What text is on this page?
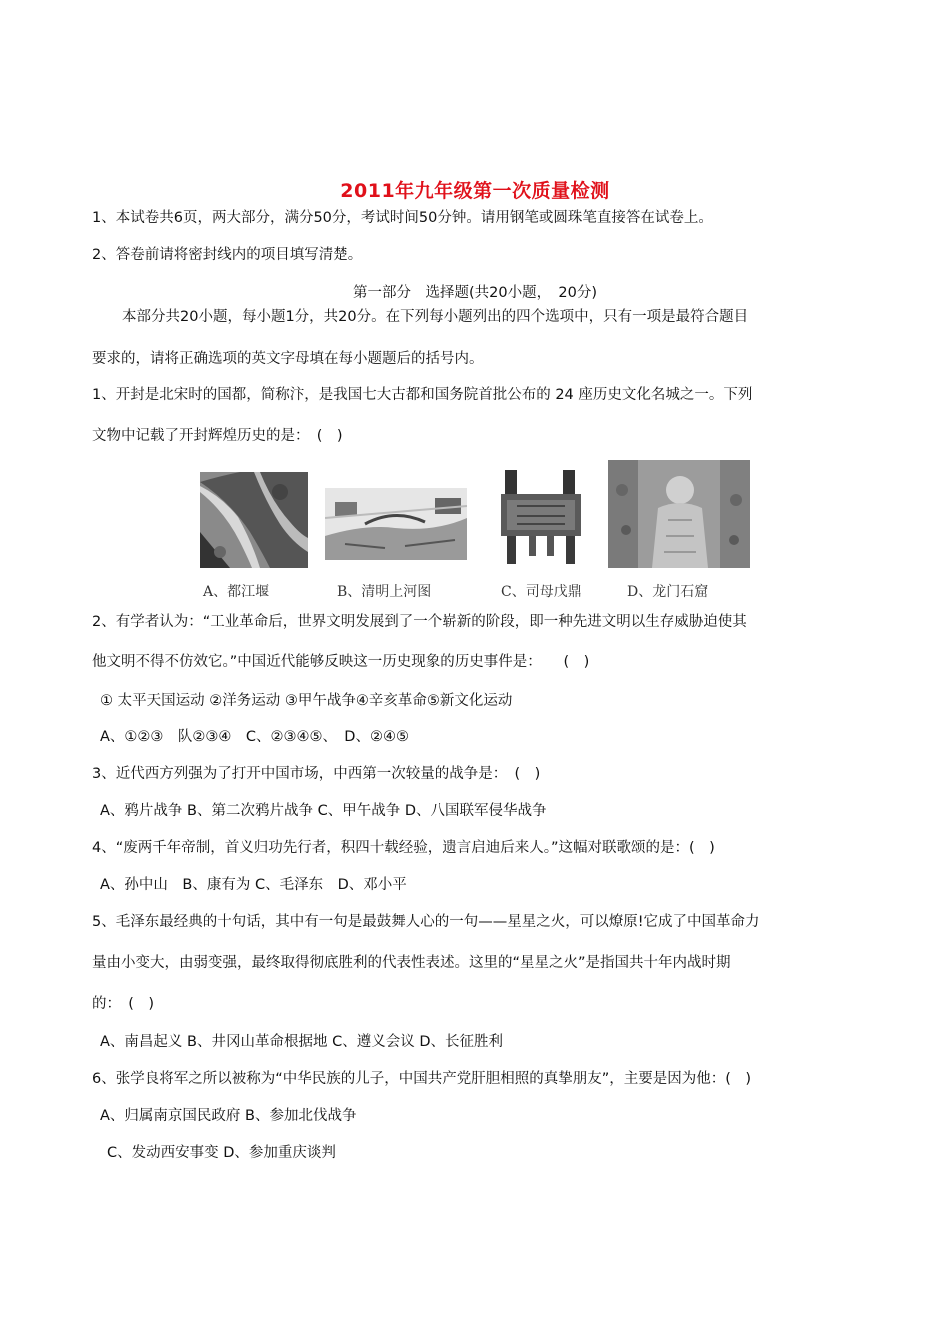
2011年九年级第一次质量检测
1、本试卷共6页，两大部分，满分50分，考试时间50分钟。请用钢笔或圆珠笔直接答在试卷上。
2、答卷前请将密封线内的项目填写清楚。
第一部分　选择题(共20小题，　20分)
本部分共20小题，每小题1分，共20分。在下列每小题列出的四个选项中，只有一项是最符合题目
要求的，请将正确选项的英文字母填在每小题题后的括号内。
1、开封是北宋时的国都，简称汴，是我国七大古都和国务院首批公布的 24 座历史文化名城之一。下列
文物中记载了开封辉煌历史的是：　(　)
A、都江堰	B、清明上河图	C、司母戊鼎	D、龙门石窟
2、有学者认为：“工业革命后，世界文明发展到了一个崭新的阶段，即一种先进文明以生存威胁迫使其
他文明不得不仿效它。”中国近代能够反映这一历史现象的历史事件是：　　(　)
① 太平天国运动 ②洋务运动 ③甲午战争④辛亥革命⑤新文化运动
A、①②③　队②③④　C、②③④⑤、　D、②④⑤
3、近代西方列强为了打开中国市场，中西第一次较量的战争是：　(　)
A、鸦片战争 B、第二次鸦片战争 C、甲午战争 D、八国联军侵华战争
4、“废两千年帝制，首义归功先行者，积四十载经验，遗言启迪后来人。”这幅对联歌颂的是：(　)
A、孙中山　B、康有为 C、毛泽东　D、邓小平
5、毛泽东最经典的十句话，其中有一句是最鼓舞人心的一句——星星之火，可以燎原!它成了中国革命力
量由小变大，由弱变强，最终取得彻底胜利的代表性表述。这里的“星星之火”是指国共十年内战时期
的：　(　)
A、南昌起义 B、井冈山革命根据地 C、遵义会议 D、长征胜利
6、张学良将军之所以被称为“中华民族的儿子，中国共产党肝胆相照的真挚朋友”，主要是因为他：(　)
A、归属南京国民政府 B、参加北伐战争
C、发动西安事变 D、参加重庆谈判
